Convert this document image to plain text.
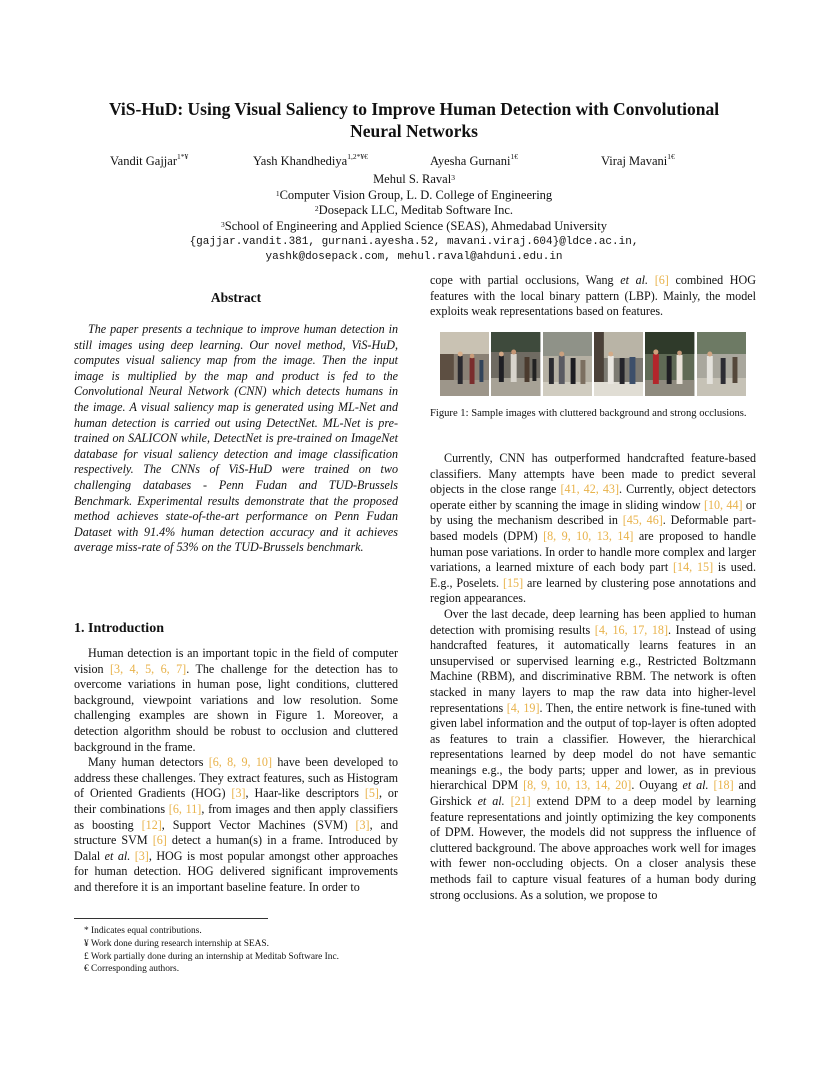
ViS-HuD: Using Visual Saliency to Improve Human Detection with Convolutional
Neural Networks
Vandit Gajjar$^{1*¥}$	Yash Khandhediya$^{1,2*¥€}$	Ayesha Gurnani$^{1€}$	Viraj Mavani$^{1€}$
Mehul S. Raval$^3$
$^1$Computer Vision Group, L. D. College of Engineering
$^2$Dosepack LLC, Meditab Software Inc.
$^3$School of Engineering and Applied Science (SEAS), Ahmedabad University
{gajjar.vandit.381, gurnani.ayesha.52, mavani.viraj.604}@ldce.ac.in,
yashk@dosepack.com, mehul.raval@ahduni.edu.in
Abstract
The paper presents a technique to improve human detection in still images using deep learning. Our novel method, ViS-HuD, computes visual saliency map from the image. Then the input image is multiplied by the map and product is fed to the Convolutional Neural Network (CNN) which detects humans in the image. A visual saliency map is generated using ML-Net and human detection is carried out using DetectNet. ML-Net is pre-trained on SALICON while, DetectNet is pre-trained on ImageNet database for visual saliency detection and image classification respectively. The CNNs of ViS-HuD were trained on two challenging databases - Penn Fudan and TUD-Brussels Benchmark. Experimental results demonstrate that the proposed method achieves state-of-the-art performance on Penn Fudan Dataset with 91.4% human detection accuracy and it achieves average miss-rate of 53% on the TUD-Brussels benchmark.
1. Introduction

Human detection is an important topic in the field of computer vision [3, 4, 5, 6, 7]. The challenge for the detection has to overcome variations in human pose, light conditions, cluttered background, viewpoint variations and low resolution. Some challenging examples are shown in Figure 1. Moreover, a detection algorithm should be robust to occlusion and cluttered background in the frame.

Many human detectors [6, 8, 9, 10] have been developed to address these challenges. They extract features, such as Histogram of Oriented Gradients (HOG) [3], Haar-like descriptors [5], or their combinations [6, 11], from images and then apply classifiers as boosting [12], Support Vector Machines (SVM) [3], and structure SVM [6] detect a human(s) in a frame. Introduced by Dalal et al. [3], HOG is most popular amongst other approaches for human detection. HOG delivered significant improvements and therefore it is an important baseline feature. In order to

* Indicates equal contributions.
¥ Work done during research internship at SEAS.
£ Work partially done during an internship at Meditab Software Inc.
€ Corresponding authors.

cope with partial occlusions, Wang et al. [6] combined HOG features with the local binary pattern (LBP). Mainly, the model exploits weak representations based on features.

Figure 1: Sample images with cluttered background and strong occlusions.

Currently, CNN has outperformed handcrafted feature-based classifiers. Many attempts have been made to predict several objects in the close range [41, 42, 43]. Currently, object detectors operate either by scanning the image in sliding window [10, 44] or by using the mechanism described in [45, 46]. Deformable part-based models (DPM) [8, 9, 10, 13, 14] are proposed to handle human pose variations. In order to handle more complex and larger variations, a learned mixture of each body part [14, 15] is used. E.g., Poselets. [15] are learned by clustering pose annotations and region appearances.

Over the last decade, deep learning has been applied to human detection with promising results [4, 16, 17, 18]. Instead of using handcrafted features, it automatically learns features in an unsupervised or supervised learning e.g., Restricted Boltzmann Machine (RBM), and discriminative RBM. The network is often stacked in many layers to map the raw data into higher-level representations [4, 19]. Then, the entire network is fine-tuned with given label information and the output of top-layer is often adopted as features to train a classifier. However, the hierarchical representations learned by deep model do not have semantic meanings e.g., the body parts; upper and lower, as in previous hierarchical DPM [8, 9, 10, 13, 14, 20]. Ouyang et al. [18] and Girshick et al. [21] extend DPM to a deep model by learning feature representations and jointly optimizing the key components of DPM. However, the models did not suppress the influence of cluttered background. The above approaches work well for images with fewer non-occluding objects. On a closer analysis these methods fail to capture visual features of a human body during strong occlusions. As a solution, we propose to
